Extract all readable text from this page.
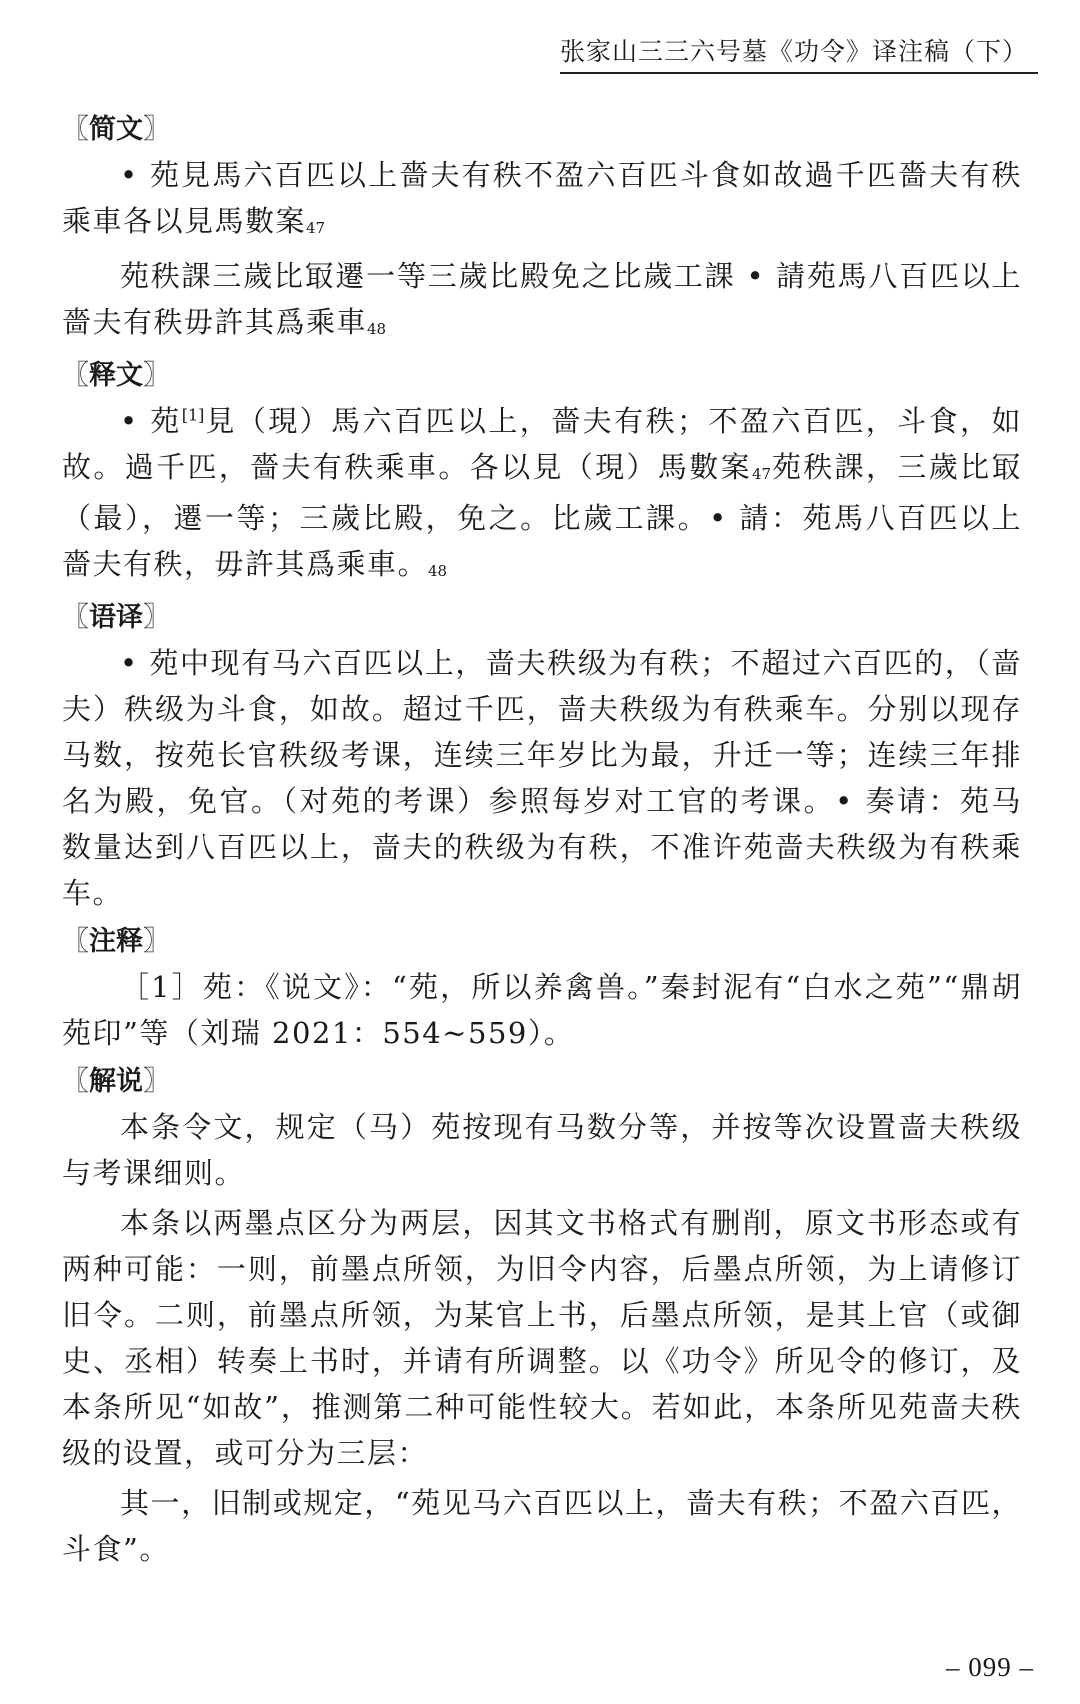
张家山三三六号墓《功令》译注稿（下）
〖简文〗

• 苑見馬六百匹以上嗇夫有秩不盈六百匹斗食如故過千匹嗇夫有秩乘車各以見馬數案47

苑秩課三歲比冣遷一等三歲比殿免之比歲工課 • 請苑馬八百匹以上嗇夫有秩毋許其爲乘車48

〖释文〗

• 苑[1]見（現）馬六百匹以上，嗇夫有秩；不盈六百匹，斗食，如故。過千匹，嗇夫有秩乘車。各以見（現）馬數案47苑秩課，三歲比冣（最），遷一等；三歲比殿，免之。比歲工課。• 請：苑馬八百匹以上嗇夫有秩，毋許其爲乘車。48

〖语译〗

• 苑中现有马六百匹以上，啬夫秩级为有秩；不超过六百匹的，（啬夫）秩级为斗食，如故。超过千匹，啬夫秩级为有秩乘车。分别以现存马数，按苑长官秩级考课，连续三年岁比为最，升迁一等；连续三年排名为殿，免官。（对苑的考课）参照每岁对工官的考课。• 奏请：苑马数量达到八百匹以上，啬夫的秩级为有秩，不准许苑啬夫秩级为有秩乘车。

〖注释〗

［1］苑：《说文》：“苑，所以养禽兽。”秦封泥有“白水之苑”“鼎胡苑印”等（刘瑞 2021：554~559）。

〖解说〗

本条令文，规定（马）苑按现有马数分等，并按等次设置啬夫秩级与考课细则。

本条以两墨点区分为两层，因其文书格式有删削，原文书形态或有两种可能：一则，前墨点所领，为旧令内容，后墨点所领，为上请修订旧令。二则，前墨点所领，为某官上书，后墨点所领，是其上官（或御史、丞相）转奏上书时，并请有所调整。以《功令》所见令的修订，及本条所见“如故”，推测第二种可能性较大。若如此，本条所见苑啬夫秩级的设置，或可分为三层：

其一，旧制或规定，“苑见马六百匹以上，啬夫有秩；不盈六百匹，斗食”。

– 099 –
